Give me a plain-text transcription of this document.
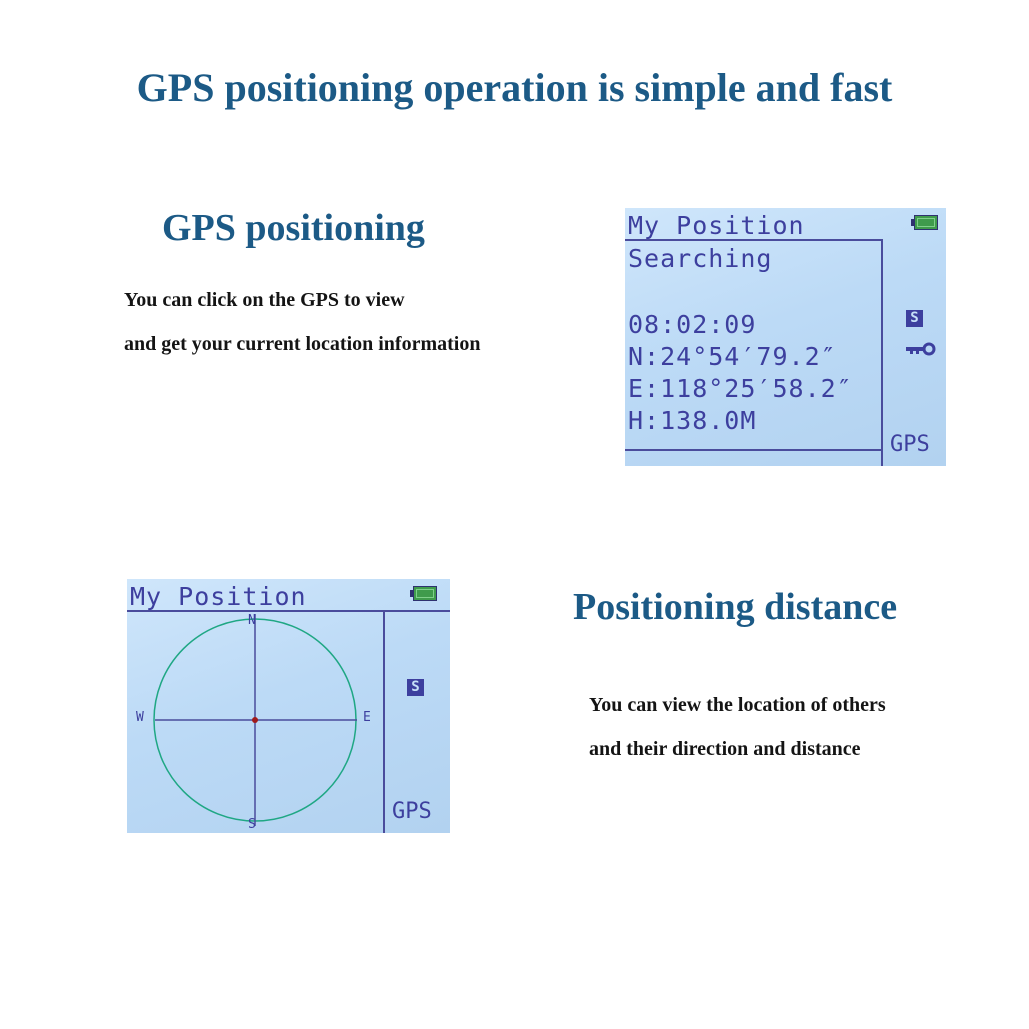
GPS positioning operation is simple and fast
GPS positioning
You can click on the GPS to view
and get your current location information
My Position
Searching
08:02:09
N:24°54′79.2″
E:118°25′58.2″
H:138.0M
S
GPS
Positioning distance
You can view the location of others
and their direction and distance
My Position
N
S
E
W
S
GPS
